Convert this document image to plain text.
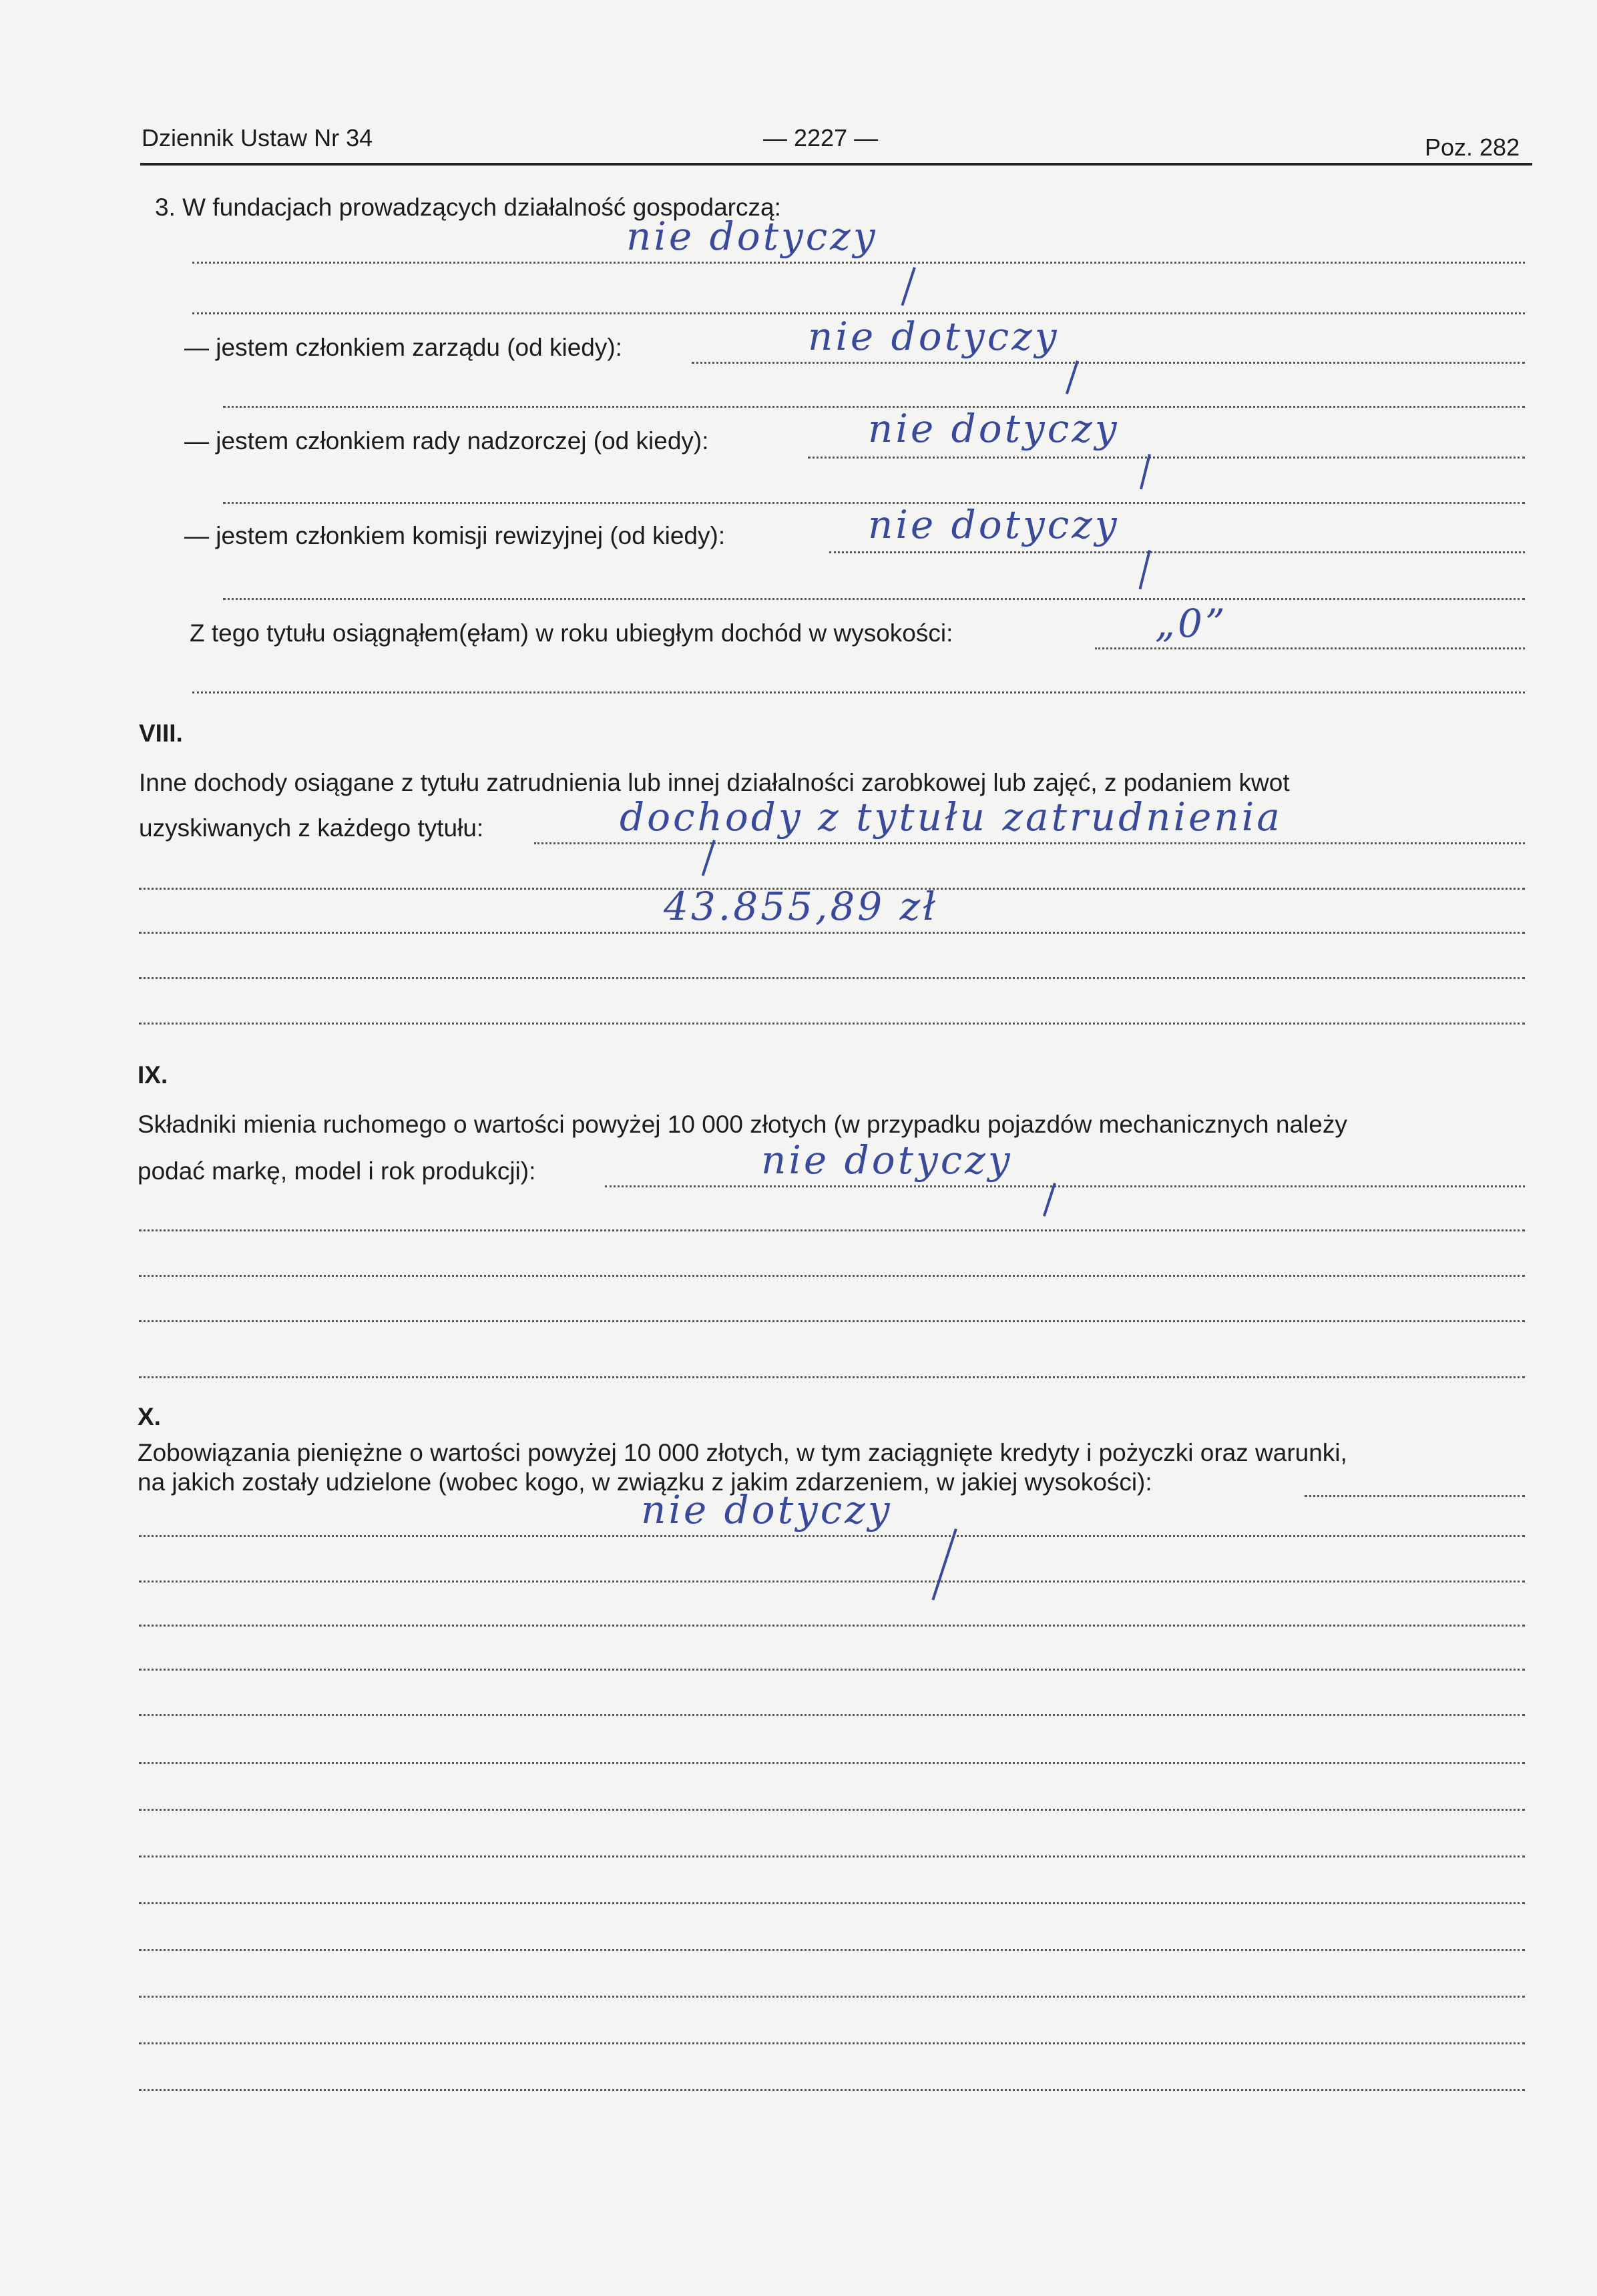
Dziennik Ustaw Nr 34	— 2227 —	Poz. 282
3. W fundacjach prowadzących działalność gospodarczą:
nie dotyczy
— jestem członkiem zarządu (od kiedy):	nie dotyczy
— jestem członkiem rady nadzorczej (od kiedy):	nie dotyczy
— jestem członkiem komisji rewizyjnej (od kiedy):	nie dotyczy
Z tego tytułu osiągnąłem(ęłam) w roku ubiegłym dochód w wysokości:	„0”
VIII.
Inne dochody osiągane z tytułu zatrudnienia lub innej działalności zarobkowej lub zajęć, z podaniem kwot
uzyskiwanych z każdego tytułu:	dochody z tytułu zatrudnienia
43.855,89 zł
IX.
Składniki mienia ruchomego o wartości powyżej 10 000 złotych (w przypadku pojazdów mechanicznych należy
podać markę, model i rok produkcji):	nie dotyczy
X.
Zobowiązania pieniężne o wartości powyżej 10 000 złotych, w tym zaciągnięte kredyty i pożyczki oraz warunki,
na jakich zostały udzielone (wobec kogo, w związku z jakim zdarzeniem, w jakiej wysokości):
nie dotyczy
